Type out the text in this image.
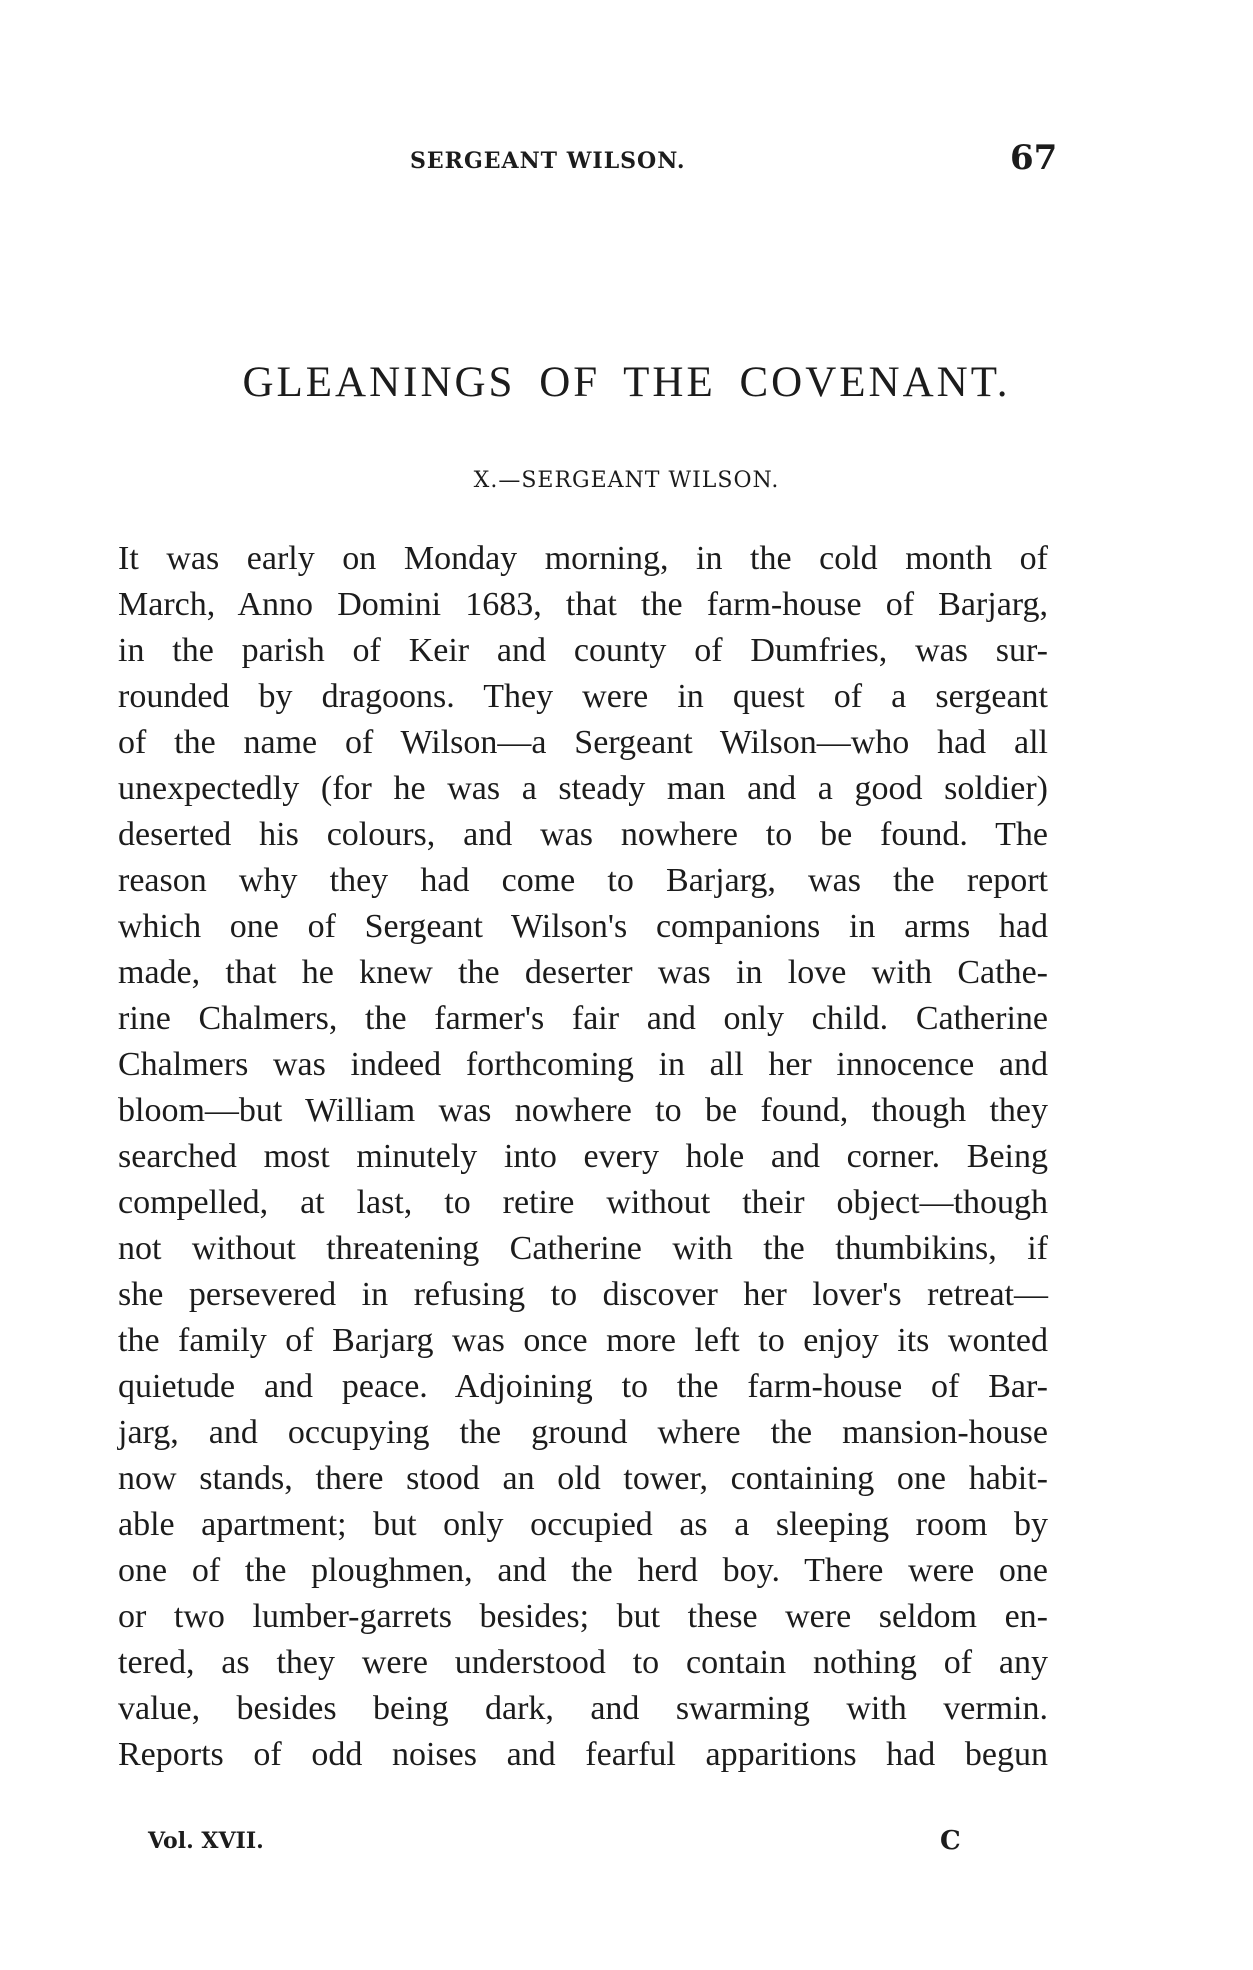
SERGEANT WILSON.	67
GLEANINGS OF THE COVENANT.
X.—SERGEANT WILSON.
It was early on Monday morning, in the cold month of
March, Anno Domini 1683, that the farm-house of Barjarg,
in the parish of Keir and county of Dumfries, was sur-
rounded by dragoons. They were in quest of a sergeant
of the name of Wilson—a Sergeant Wilson—who had all
unexpectedly (for he was a steady man and a good soldier)
deserted his colours, and was nowhere to be found. The
reason why they had come to Barjarg, was the report
which one of Sergeant Wilson's companions in arms had
made, that he knew the deserter was in love with Cathe-
rine Chalmers, the farmer's fair and only child. Catherine
Chalmers was indeed forthcoming in all her innocence and
bloom—but William was nowhere to be found, though they
searched most minutely into every hole and corner. Being
compelled, at last, to retire without their object—though
not without threatening Catherine with the thumbikins, if
she persevered in refusing to discover her lover's retreat—
the family of Barjarg was once more left to enjoy its wonted
quietude and peace. Adjoining to the farm-house of Bar-
jarg, and occupying the ground where the mansion-house
now stands, there stood an old tower, containing one habit-
able apartment; but only occupied as a sleeping room by
one of the ploughmen, and the herd boy. There were one
or two lumber-garrets besides; but these were seldom en-
tered, as they were understood to contain nothing of any
value, besides being dark, and swarming with vermin.
Reports of odd noises and fearful apparitions had begun
Vol. XVII.	C
